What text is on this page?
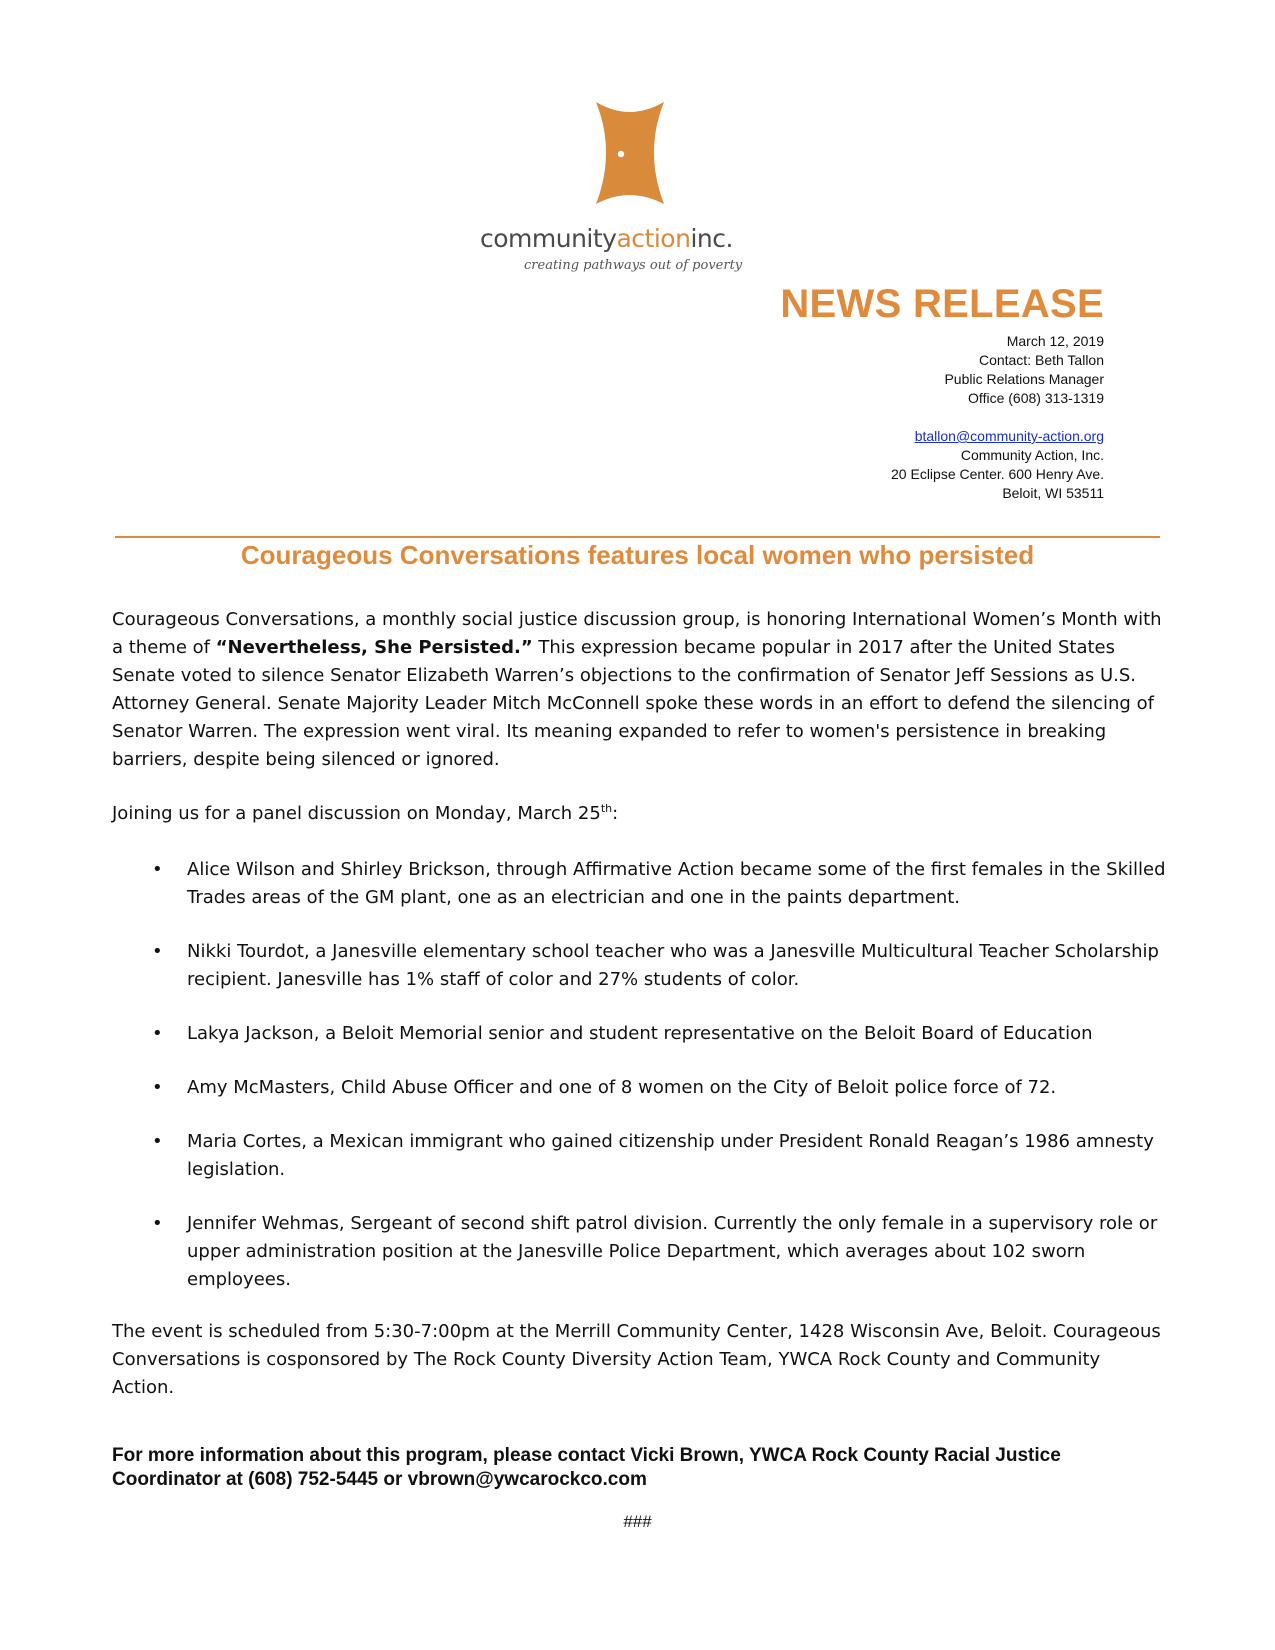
communityactioninc.
creating pathways out of poverty
NEWS RELEASE
March 12, 2019
Contact: Beth Tallon
Public Relations Manager
Office (608) 313-1319
btallon@community-action.org
Community Action, Inc.
20 Eclipse Center. 600 Henry Ave.
Beloit, WI 53511
Courageous Conversations features local women who persisted

Courageous Conversations, a monthly social justice discussion group, is honoring International Women’s Month with a theme of “Nevertheless, She Persisted.” This expression became popular in 2017 after the United States Senate voted to silence Senator Elizabeth Warren’s objections to the confirmation of Senator Jeff Sessions as U.S. Attorney General. Senate Majority Leader Mitch McConnell spoke these words in an effort to defend the silencing of Senator Warren. The expression went viral. Its meaning expanded to refer to women's persistence in breaking barriers, despite being silenced or ignored.

Joining us for a panel discussion on Monday, March 25th:

• Alice Wilson and Shirley Brickson, through Affirmative Action became some of the first females in the Skilled Trades areas of the GM plant, one as an electrician and one in the paints department.
• Nikki Tourdot, a Janesville elementary school teacher who was a Janesville Multicultural Teacher Scholarship recipient. Janesville has 1% staff of color and 27% students of color.
• Lakya Jackson, a Beloit Memorial senior and student representative on the Beloit Board of Education
• Amy McMasters, Child Abuse Officer and one of 8 women on the City of Beloit police force of 72.
• Maria Cortes, a Mexican immigrant who gained citizenship under President Ronald Reagan’s 1986 amnesty legislation.
• Jennifer Wehmas, Sergeant of second shift patrol division. Currently the only female in a supervisory role or upper administration position at the Janesville Police Department, which averages about 102 sworn employees.

The event is scheduled from 5:30-7:00pm at the Merrill Community Center, 1428 Wisconsin Ave, Beloit. Courageous Conversations is cosponsored by The Rock County Diversity Action Team, YWCA Rock County and Community Action.

For more information about this program, please contact Vicki Brown, YWCA Rock County Racial Justice Coordinator at (608) 752-5445 or vbrown@ywcarockco.com

###
